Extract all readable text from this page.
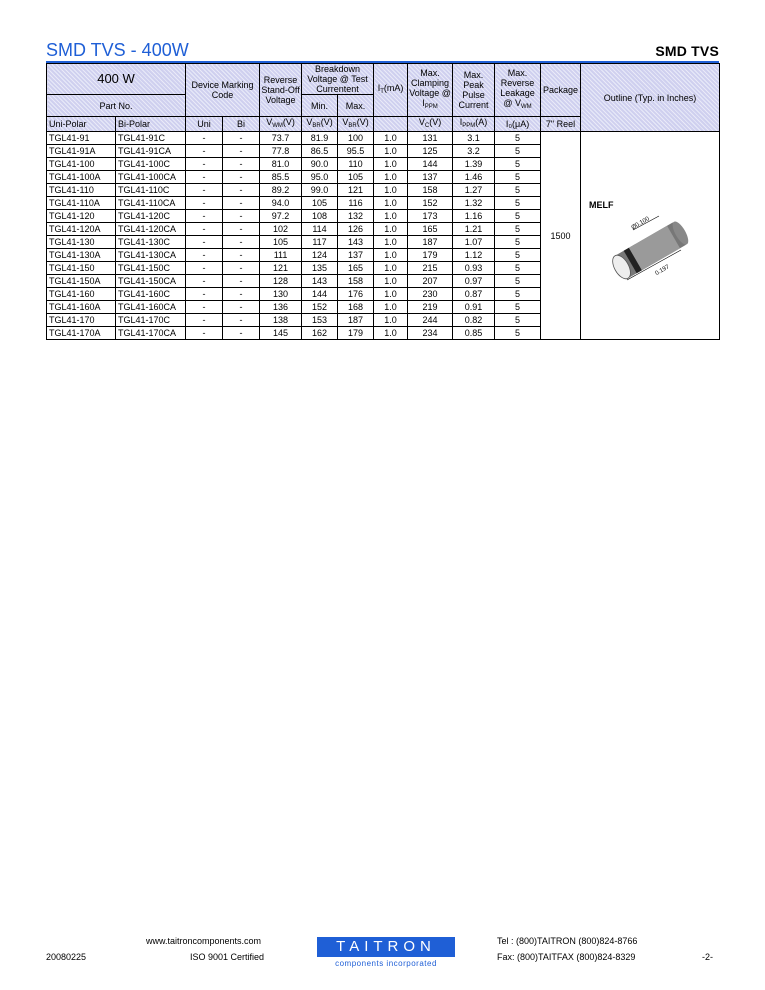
SMD TVS - 400W	SMD TVS
400 W		Device Marking Code		Reverse Stand-Off Voltage	Breakdown Voltage @ Test Currentent		$I_T(mA)$	Max. Clamping Voltage @ $I_{PPM}$	Max. Peak Pulse Current	Max. Reverse Leakage @ $V_{WM}$	Package	Outline (Typ. in Inches)
Part No.					Min.	Max.						
Uni-Polar	Bi-Polar	Uni	Bi	$V_{WM}(V)$	$V_{BR}(V)$	$V_{BR}(V)$		$V_C(V)$	$I_{PPM}(A)$	I₀(μA)	7" Reel	
TGL41-91	TGL41-91C	-	-	73.7	81.9	100	1.0	131	3.1	5	1500	MELF
Ø0.100
0.197

TGL41-91A	TGL41-91CA	-	-	77.8	86.5	95.5	1.0	125	3.2	5		
TGL41-100	TGL41-100C	-	-	81.0	90.0	110	1.0	144	1.39	5		
TGL41-100A	TGL41-100CA	-	-	85.5	95.0	105	1.0	137	1.46	5		
TGL41-110	TGL41-110C	-	-	89.2	99.0	121	1.0	158	1.27	5		
TGL41-110A	TGL41-110CA	-	-	94.0	105	116	1.0	152	1.32	5		
TGL41-120	TGL41-120C	-	-	97.2	108	132	1.0	173	1.16	5		
TGL41-120A	TGL41-120CA	-	-	102	114	126	1.0	165	1.21	5		
TGL41-130	TGL41-130C	-	-	105	117	143	1.0	187	1.07	5		
TGL41-130A	TGL41-130CA	-	-	111	124	137	1.0	179	1.12	5		
TGL41-150	TGL41-150C	-	-	121	135	165	1.0	215	0.93	5		
TGL41-150A	TGL41-150CA	-	-	128	143	158	1.0	207	0.97	5		
TGL41-160	TGL41-160C	-	-	130	144	176	1.0	230	0.87	5		
TGL41-160A	TGL41-160CA	-	-	136	152	168	1.0	219	0.91	5		
TGL41-170	TGL41-170C	-	-	138	153	187	1.0	244	0.82	5		
TGL41-170A	TGL41-170CA	-	-	145	162	179	1.0	234	0.85	5		
www.taitroncomponents.com
20080225	ISO 9001 Certified
TAITRON
components incorporated
Tel : (800)TAITRON (800)824-8766
Fax: (800)TAITFAX (800)824-8329	-2-
